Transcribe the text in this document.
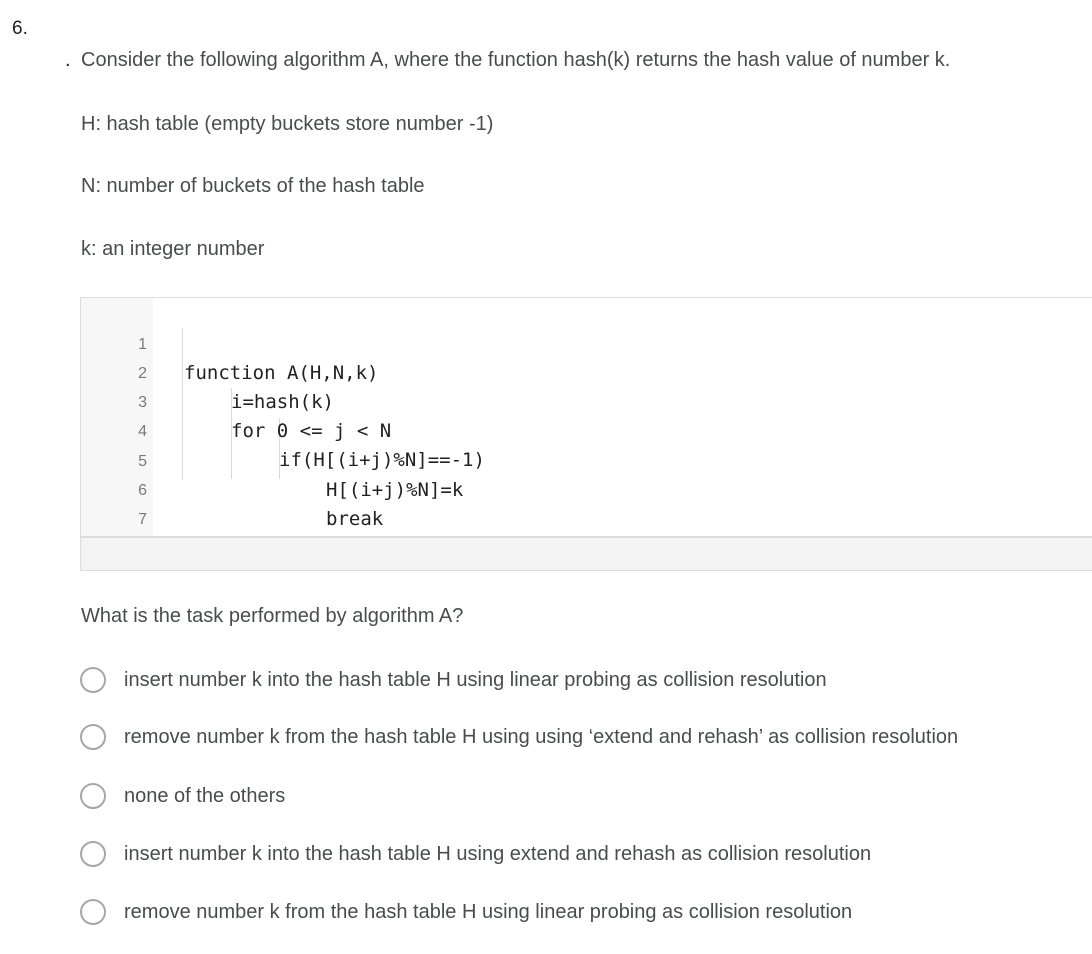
6.
. Consider the following algorithm A, where the function hash(k) returns the hash value of number k.
H: hash table (empty buckets store number -1)
N: number of buckets of the hash table
k: an integer number

1

function A(H,N,k)

2

i=hash(k)

3

for 0 <= j < N

4

if(H[(i+j)%N]==-1)

5

H[(i+j)%N]=k

6

break

7

What is the task performed by algorithm A?
insert number k into the hash table H using linear probing as collision resolution
remove number k from the hash table H using using ‘extend and rehash’ as collision resolution
none of the others
insert number k into the hash table H using extend and rehash as collision resolution
remove number k from the hash table H using linear probing as collision resolution
